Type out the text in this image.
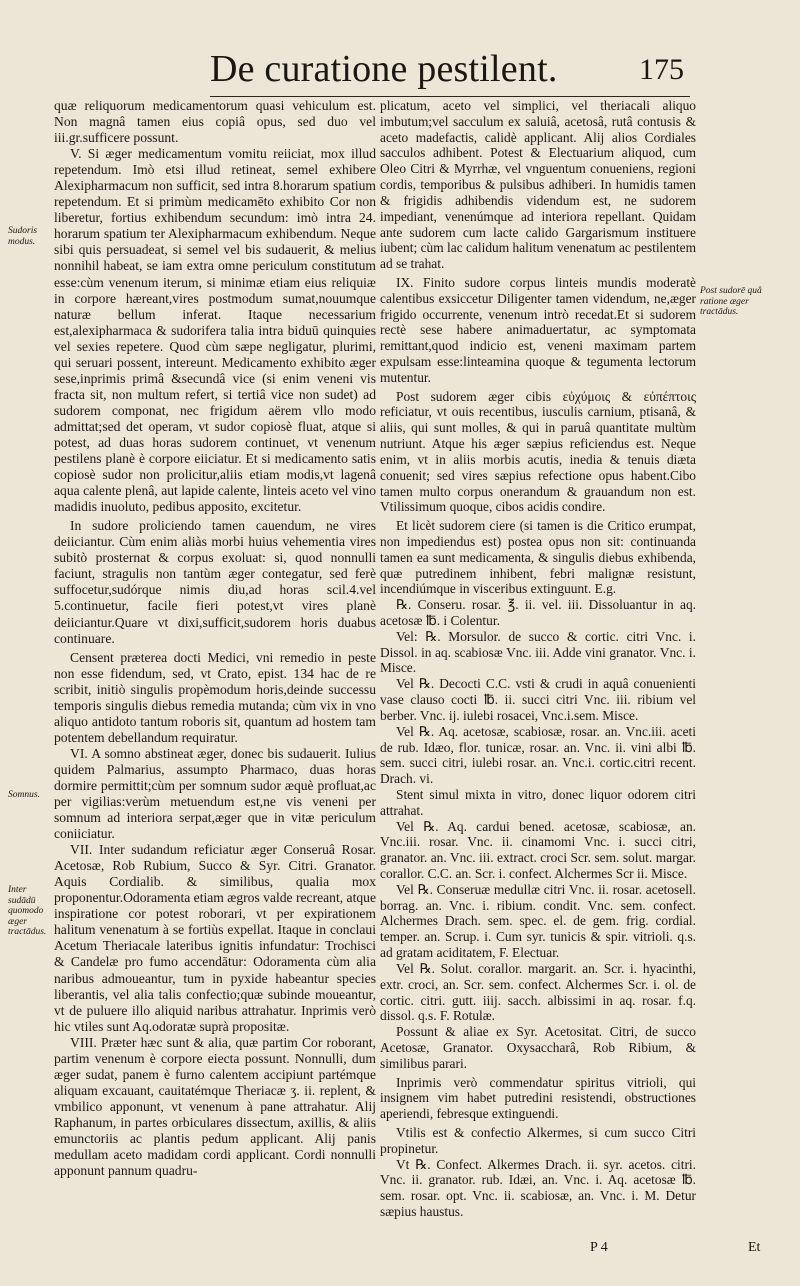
De curatione pestilent.	175

quæ reliquorum medicamentorum quasi vehiculum est. Non magnâ tamen eius copiâ opus, sed duo vel iii.gr.sufficere possunt.

V. Si æger medicamentum vomitu reiiciat, mox illud repetendum. Imò etsi illud retineat, semel exhibere Alexipharmacum non sufficit, sed intra 8.horarum spatium repetendum. Et si primùm medicamēto exhibito Cor non liberetur, fortius exhibendum secundum: imò intra 24. horarum spatium ter Alexipharmacum exhibendum. Neque sibi quis persuadeat, si semel vel bis sudauerit, & melius nonnihil habeat, se iam extra omne periculum constitutum esse:cùm venenum iterum, si minimæ etiam eius reliquiæ in corpore hæreant,vires postmodum sumat,nouumque naturæ bellum inferat. Itaque necessarium est,alexipharmaca & sudorifera talia intra biduū quinquies vel sexies repetere. Quod cùm sæpe negligatur, plurimi, qui seruari possent, intereunt. Medicamento exhibito æger sese,inprimis primâ &secundâ vice (si enim veneni vis fracta sit, non multum refert, si tertiâ vice non sudet) ad sudorem componat, nec frigidum aërem vllo modo admittat;sed det operam, vt sudor copiosè fluat, atque si potest, ad duas horas sudorem continuet, vt venenum pestilens planè è corpore eiiciatur. Et si medicamento satis copiosè sudor non prolicitur,aliis etiam modis,vt lagenâ aqua calente plenâ, aut lapide calente, linteis aceto vel vino madidis inuoluto, pedibus apposito, excitetur.

In sudore proliciendo tamen cauendum, ne vires deiiciantur. Cùm enim aliàs morbi huius vehementia vires subitò prosternat & corpus exoluat: si, quod nonnulli faciunt, stragulis non tantùm æger contegatur, sed ferè suffocetur,sudórque nimis diu,ad horas scil.4.vel 5.continuetur, facile fieri potest,vt vires planè deiiciantur.Quare vt dixi,sufficit,sudorem horis duabus continuare.

Censent præterea docti Medici, vni remedio in peste non esse fidendum, sed, vt Crato, epist. 134 hac de re scribit, initiò singulis propèmodum horis,deinde successu temporis singulis diebus remedia mutanda; cùm vix in vno aliquo antidoto tantum roboris sit, quantum ad hostem tam potentem debellandum requiratur.

VI. A somno abstineat æger, donec bis sudauerit. Iulius quidem Palmarius, assumpto Pharmaco, duas horas dormire permittit;cùm per somnum sudor æquè profluat,ac per vigilias:verùm metuendum est,ne vis veneni per somnum ad interiora serpat,æger que in vitæ periculum coniiciatur.

VII. Inter sudandum reficiatur æger Conseruâ Rosar. Acetosæ, Rob Rubium, Succo & Syr. Citri. Granator. Aquis Cordialib. & similibus, qualia mox proponentur.Odoramenta etiam ægros valde recreant, atque inspiratione cor potest roborari, vt per expirationem halitum venenatum à se fortiùs expellat. Itaque in conclaui Acetum Theriacale lateribus ignitis infundatur: Trochisci & Candelæ pro fumo accendātur: Odoramenta cùm alia naribus admoueantur, tum in pyxide habeantur species liberantis, vel alia talis confectio;quæ subinde moueantur, vt de puluere illo aliquid naribus attrahatur. Inprimis verò hic vtiles sunt Aq.odoratæ suprà propositæ.

VIII. Præter hæc sunt & alia, quæ partim Cor roborant, partim venenum è corpore eiecta possunt. Nonnulli, dum æger sudat, panem è furno calentem accipiunt partémque aliquam excauant, cauitatémque Theriacæ ʒ. ii. replent, & vmbilico apponunt, vt venenum à pane attrahatur. Alij Raphanum, in partes orbiculares dissectum, axillis, & aliis emunctoriis ac plantis pedum applicant. Alij panis medullam aceto madidam cordi applicant. Cordi nonnulli apponunt pannum quadru-

plicatum, aceto vel simplici, vel theriacali aliquo imbutum;vel sacculum ex saluiâ, acetosâ, rutâ contusis & aceto madefactis, calidè applicant. Alij alios Cordiales sacculos adhibent. Potest & Electuarium aliquod, cum Oleo Citri & Myrrhæ, vel vnguentum conueniens, regioni cordis, temporibus & pulsibus adhiberi. In humidis tamen & frigidis adhibendis videndum est, ne sudorem impediant, venenúmque ad interiora repellant. Quidam ante sudorem cum lacte calido Gargarismum instituere iubent; cùm lac calidum halitum venenatum ac pestilentem ad se trahat.

IX. Finito sudore corpus linteis mundis moderatè calentibus exsiccetur Diligenter tamen videndum, ne,æger frigido occurrente, venenum intrò recedat.Et si sudorem rectè sese habere animaduertatur, ac symptomata remittant,quod indicio est, veneni maximam partem expulsam esse:linteamina quoque & tegumenta lectorum mutentur.

Post sudorem æger cibis εὐχύμοις & εὐπέπτοις reficiatur, vt ouis recentibus, iusculis carnium, ptisanâ, & aliis, qui sunt molles, & qui in paruâ quantitate multùm nutriunt. Atque his æger sæpius reficiendus est. Neque enim, vt in aliis morbis acutis, inedia & tenuis diæta conuenit; sed vires sæpius refectione opus habent.Cibo tamen multo corpus onerandum & grauandum non est. Vtilissimum quoque, cibos acidis condire.

Et licèt sudorem ciere (si tamen is die Critico erumpat, non impediendus est) postea opus non sit: continuanda tamen ea sunt medicamenta, & singulis diebus exhibenda, quæ putredinem inhibent, febri malignæ resistunt, incendiúmque in visceribus extinguunt. E.g.

℞. Conseru. rosar. ℥. ii. vel. iii. Dissoluantur in aq. acetosæ ℔. i Colentur.

Vel: ℞. Morsulor. de succo & cortic. citri Vnc. i. Dissol. in aq. scabiosæ Vnc. iii. Adde vini granator. Vnc. i. Misce.

Vel ℞. Decocti C.C. vsti & crudi in aquâ conuenienti vase clauso cocti ℔. ii. succi citri Vnc. iii. ribium vel berber. Vnc. ij. iulebi rosacei, Vnc.i.sem. Misce.

Vel ℞. Aq. acetosæ, scabiosæ, rosar. an. Vnc.iii. aceti de rub. Idæo, flor. tunicæ, rosar. an. Vnc. ii. vini albi ℔. sem. succi citri, iulebi rosar. an. Vnc.i. cortic.citri recent. Drach. vi.

Stent simul mixta in vitro, donec liquor odorem citri attrahat.

Vel ℞. Aq. cardui bened. acetosæ, scabiosæ, an. Vnc.iii. rosar. Vnc. ii. cinamomi Vnc. i. succi citri, granator. an. Vnc. iii. extract. croci Scr. sem. solut. margar. corallor. C.C. an. Scr. i. confect. Alchermes Scr ii. Misce.

Vel ℞. Conseruæ medullæ citri Vnc. ii. rosar. acetosell. borrag. an. Vnc. i. ribium. condit. Vnc. sem. confect. Alchermes Drach. sem. spec. el. de gem. frig. cordial. temper. an. Scrup. i. Cum syr. tunicis & spir. vitrioli. q.s. ad gratam aciditatem, F. Electuar.

Vel ℞. Solut. corallor. margarit. an. Scr. i. hyacinthi, extr. croci, an. Scr. sem. confect. Alchermes Scr. i. ol. de cortic. citri. gutt. iiij. sacch. albissimi in aq. rosar. f.q. dissol. q.s. F. Rotulæ.

Possunt & aliae ex Syr. Acetositat. Citri, de succo Acetosæ, Granator. Oxysaccharâ, Rob Ribium, & similibus parari.

Inprimis verò commendatur spiritus vitrioli, qui insignem vim habet putredini resistendi, obstructiones aperiendi, febresque extinguendi.

Vtilis est & confectio Alkermes, si cum succo Citri propinetur.

Vt ℞. Confect. Alkermes Drach. ii. syr. acetos. citri. Vnc. ii. granator. rub. Idæi, an. Vnc. i. Aq. acetosæ ℔. sem. rosar. opt. Vnc. ii. scabiosæ, an. Vnc. i. M. Detur sæpius haustus.

Sudoris modus.
Somnus.
Inter sudādū quomodo æger tractādus.
Post sudorē quâ ratione æger tractādus.
P 4	Et
